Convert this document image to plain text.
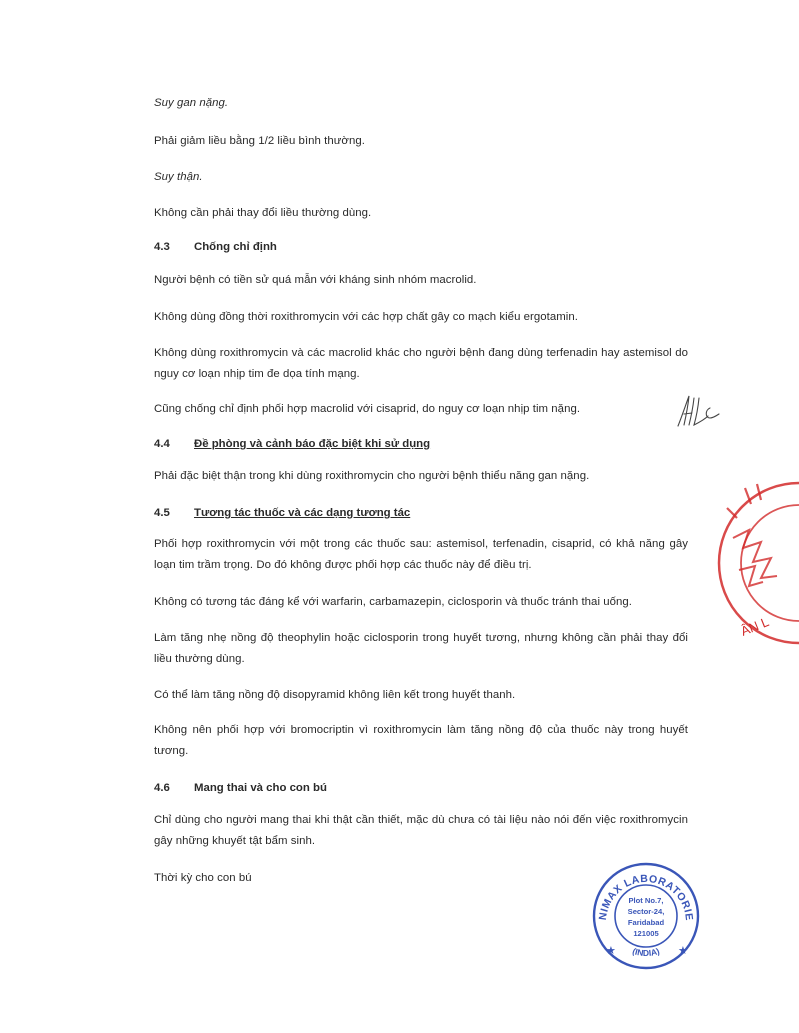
Suy gan nặng.

Phải giảm liều bằng 1/2 liều bình thường.

Suy thận.

Không cần phải thay đổi liều thường dùng.

4.3 Chống chỉ định

Người bệnh có tiền sử quá mẫn với kháng sinh nhóm macrolid.

Không dùng đồng thời roxithromycin với các hợp chất gây co mạch kiểu ergotamin.

Không dùng roxithromycin và các macrolid khác cho người bệnh đang dùng terfenadin hay astemisol do nguy cơ loạn nhịp tim đe dọa tính mạng.

Cũng chống chỉ định phối hợp macrolid với cisaprid, do nguy cơ loạn nhịp tim nặng.

4.4 Đề phòng và cảnh báo đặc biệt khi sử dụng

Phải đặc biệt thận trong khi dùng roxithromycin cho người bệnh thiểu năng gan nặng.

4.5 Tương tác thuốc và các dạng tương tác

Phối hợp roxithromycin với một trong các thuốc sau: astemisol, terfenadin, cisaprid, có khả năng gây loạn tim trầm trọng. Do đó không được phối hợp các thuốc này để điều trị.

Không có tương tác đáng kể với warfarin, carbamazepin, ciclosporin và thuốc tránh thai uống.

Làm tăng nhẹ nồng độ theophylin hoặc ciclosporin trong huyết tương, nhưng không cần phải thay đổi liều thường dùng.

Có thể làm tăng nồng độ disopyramid không liên kết trong huyết thanh.

Không nên phối hợp với bromocriptin vì roxithromycin làm tăng nồng độ của thuốc này trong huyết tương.

4.6 Mang thai và cho con bú

Chỉ dùng cho người mang thai khi thật cần thiết, mặc dù chưa có tài liệu nào nói đến việc roxithromycin gây những khuyết tật bẩm sinh.

Thời kỳ cho con bú

ÂN L
NIMAX LABORATORIE
(INDIA)
★	★
Plot No.7,
Sector-24,
Faridabad
121005
